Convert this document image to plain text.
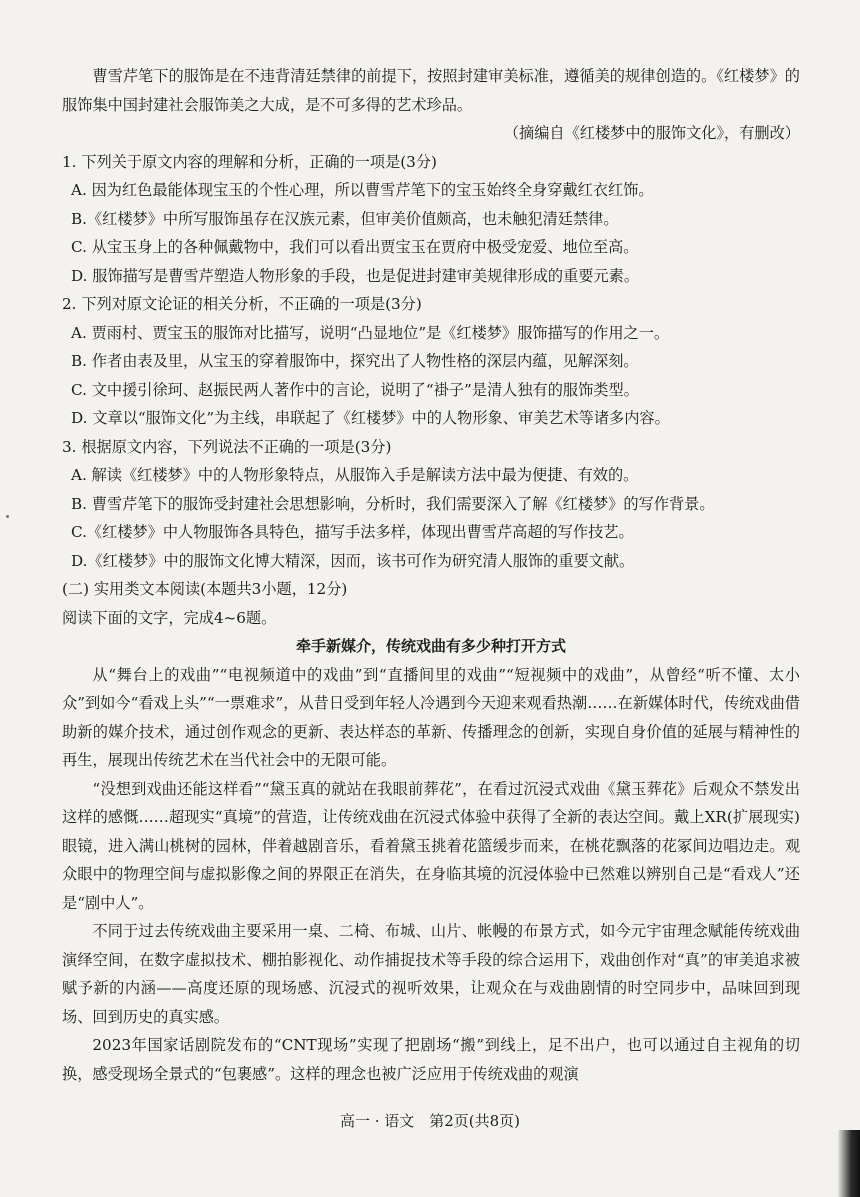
曹雪芹笔下的服饰是在不违背清廷禁律的前提下，按照封建审美标准，遵循美的规律创造的。《红楼梦》的服饰集中国封建社会服饰美之大成，是不可多得的艺术珍品。

（摘编自《红楼梦中的服饰文化》，有删改）

1. 下列关于原文内容的理解和分析，正确的一项是(3分)

A. 因为红色最能体现宝玉的个性心理，所以曹雪芹笔下的宝玉始终全身穿戴红衣红饰。

B.《红楼梦》中所写服饰虽存在汉族元素，但审美价值颇高，也未触犯清廷禁律。

C. 从宝玉身上的各种佩戴物中，我们可以看出贾宝玉在贾府中极受宠爱、地位至高。

D. 服饰描写是曹雪芹塑造人物形象的手段，也是促进封建审美规律形成的重要元素。

2. 下列对原文论证的相关分析，不正确的一项是(3分)

A. 贾雨村、贾宝玉的服饰对比描写，说明“凸显地位”是《红楼梦》服饰描写的作用之一。

B. 作者由表及里，从宝玉的穿着服饰中，探究出了人物性格的深层内蕴，见解深刻。

C. 文中援引徐珂、赵振民两人著作中的言论，说明了“褂子”是清人独有的服饰类型。

D. 文章以“服饰文化”为主线，串联起了《红楼梦》中的人物形象、审美艺术等诸多内容。

3. 根据原文内容，下列说法不正确的一项是(3分)

A. 解读《红楼梦》中的人物形象特点，从服饰入手是解读方法中最为便捷、有效的。

B. 曹雪芹笔下的服饰受封建社会思想影响，分析时，我们需要深入了解《红楼梦》的写作背景。

C.《红楼梦》中人物服饰各具特色，描写手法多样，体现出曹雪芹高超的写作技艺。

D.《红楼梦》中的服饰文化博大精深，因而，该书可作为研究清人服饰的重要文献。

(二) 实用类文本阅读(本题共3小题，12分)

阅读下面的文字，完成4~6题。

牵手新媒介，传统戏曲有多少种打开方式

从“舞台上的戏曲”“电视频道中的戏曲”到“直播间里的戏曲”“短视频中的戏曲”，从曾经“听不懂、太小众”到如今“看戏上头”“一票难求”，从昔日受到年轻人冷遇到今天迎来观看热潮……在新媒体时代，传统戏曲借助新的媒介技术，通过创作观念的更新、表达样态的革新、传播理念的创新，实现自身价值的延展与精神性的再生，展现出传统艺术在当代社会中的无限可能。

“没想到戏曲还能这样看”“黛玉真的就站在我眼前葬花”，在看过沉浸式戏曲《黛玉葬花》后观众不禁发出这样的感慨……超现实“真境”的营造，让传统戏曲在沉浸式体验中获得了全新的表达空间。戴上XR(扩展现实)眼镜，进入满山桃树的园林，伴着越剧音乐，看着黛玉挑着花篮缓步而来，在桃花飘落的花冢间边唱边走。观众眼中的物理空间与虚拟影像之间的界限正在消失，在身临其境的沉浸体验中已然难以辨别自己是“看戏人”还是“剧中人”。

不同于过去传统戏曲主要采用一桌、二椅、布城、山片、帐幔的布景方式，如今元宇宙理念赋能传统戏曲演绎空间，在数字虚拟技术、棚拍影视化、动作捕捉技术等手段的综合运用下，戏曲创作对“真”的审美追求被赋予新的内涵——高度还原的现场感、沉浸式的视听效果，让观众在与戏曲剧情的时空同步中，品味回到现场、回到历史的真实感。

2023年国家话剧院发布的“CNT现场”实现了把剧场“搬”到线上，足不出户，也可以通过自主视角的切换，感受现场全景式的“包裹感”。这样的理念也被广泛应用于传统戏曲的观演

高一 · 语文　第2页(共8页)
